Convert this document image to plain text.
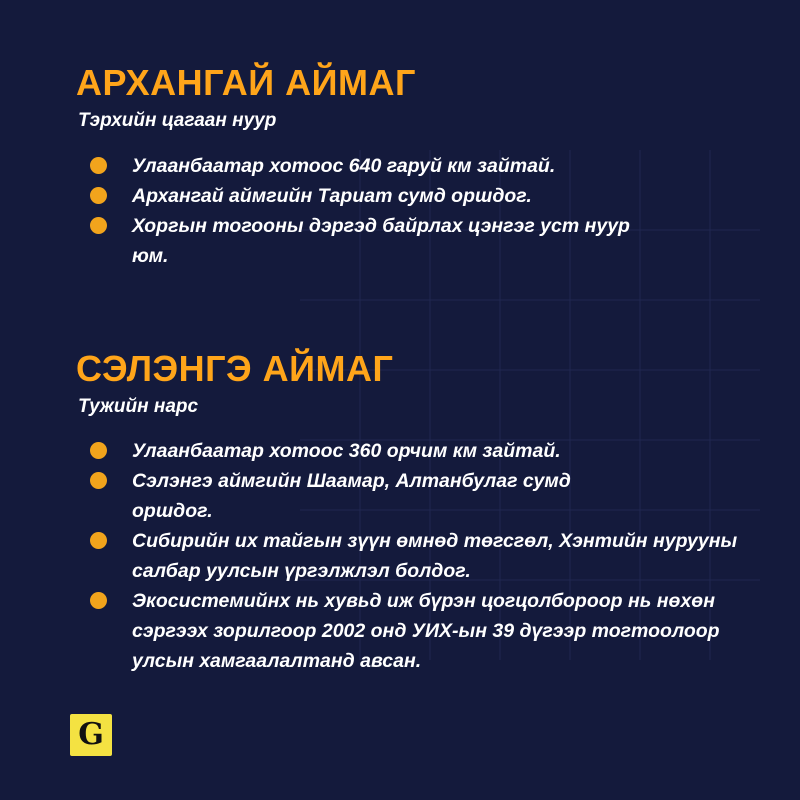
АРХАНГАЙ АЙМАГ
Тэрхийн цагаан нуур
Улаанбаатар хотоос 640 гаруй км зайтай.
Архангай аймгийн Тариат сумд оршдог.
Хоргын тогооны дэргэд байрлах цэнгэг уст нуур юм.
СЭЛЭНГЭ АЙМАГ
Тужийн нарс
Улаанбаатар хотоос 360 орчим км зайтай.
Сэлэнгэ аймгийн Шаамар, Алтанбулаг сумд оршдог.
Сибирийн их тайгын зүүн өмнөд төгсгөл, Хэнтийн нурууны салбар уулсын үргэлжлэл болдог.
Экосистемийнх нь хувьд иж бүрэн цогцолбороор нь нөхөн сэргээх зорилгоор 2002 онд УИХ-ын 39 дүгээр тогтоолоор улсын хамгаалалтанд авсан.
G
